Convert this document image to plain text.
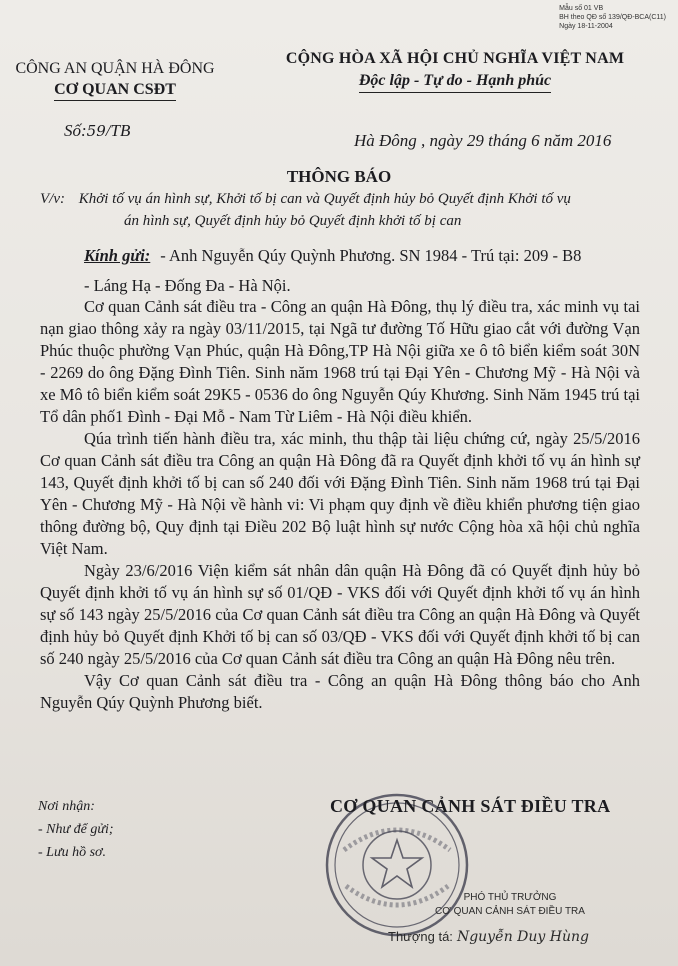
Mẫu số 01 VB
BH theo QĐ số 139/QĐ-BCA(C11)
Ngày 18-11-2004
CÔNG AN QUẬN HÀ ĐÔNG
CƠ QUAN CSĐT
CỘNG HÒA XÃ HỘI CHỦ NGHĨA VIỆT NAM
Độc lập - Tự do - Hạnh phúc
Số:59/TB
Hà Đông , ngày 29 tháng 6 năm 2016
THÔNG BÁO
V/v: Khởi tố vụ án hình sự, Khởi tố bị can và Quyết định hủy bỏ Quyết định Khởi tố vụ
án hình sự, Quyết định hủy bỏ Quyết định khởi tố bị can
Kính gửi: - Anh Nguyễn Qúy Quỳnh Phương. SN 1984 - Trú tại: 209 - B8
- Láng Hạ - Đống Đa - Hà Nội.

Cơ quan Cảnh sát điều tra - Công an quận Hà Đông, thụ lý điều tra, xác minh vụ tai nạn giao thông xảy ra ngày 03/11/2015, tại Ngã tư đường Tố Hữu giao cắt với đường Vạn Phúc thuộc phường Vạn Phúc, quận Hà Đông,TP Hà Nội giữa xe ô tô biển kiểm soát 30N - 2269 do ông Đặng Đình Tiên. Sinh năm 1968 trú tại Đại Yên - Chương Mỹ - Hà Nội và xe Mô tô biển kiểm soát 29K5 - 0536 do ông Nguyễn Qúy Khương. Sinh Năm 1945 trú tại Tổ dân phố1 Đình - Đại Mỗ - Nam Từ Liêm - Hà Nội điều khiển.

Qúa trình tiến hành điều tra, xác minh, thu thập tài liệu chứng cứ, ngày 25/5/2016 Cơ quan Cảnh sát điều tra Công an quận Hà Đông đã ra Quyết định khởi tố vụ án hình sự 143, Quyết định khởi tố bị can số 240 đối với Đặng Đình Tiên. Sinh năm 1968 trú tại Đại Yên - Chương Mỹ - Hà Nội về hành vi: Vi phạm quy định về điều khiển phương tiện giao thông đường bộ, Quy định tại Điều 202 Bộ luật hình sự nước Cộng hòa xã hội chủ nghĩa Việt Nam.

Ngày 23/6/2016 Viện kiểm sát nhân dân quận Hà Đông đã có Quyết định hủy bỏ Quyết định khởi tố vụ án hình sự số 01/QĐ - VKS đối với Quyết định khởi tố vụ án hình sự số 143 ngày 25/5/2016 của Cơ quan Cảnh sát điều tra Công an quận Hà Đông và Quyết định hủy bỏ Quyết định Khởi tố bị can số 03/QĐ - VKS đối với Quyết định khởi tố bị can số 240 ngày 25/5/2016 của Cơ quan Cảnh sát điều tra Công an quận Hà Đông nêu trên.

Vậy Cơ quan Cảnh sát điều tra - Công an quận Hà Đông thông báo cho Anh Nguyễn Qúy Quỳnh Phương biết.

Nơi nhận:
- Như để gửi;
- Lưu hồ sơ.
CƠ QUAN CẢNH SÁT ĐIỀU TRA
PHÓ THỦ TRƯỞNG
CƠ QUAN CẢNH SÁT ĐIỀU TRA
Thượng tá: Nguyễn Duy Hùng
